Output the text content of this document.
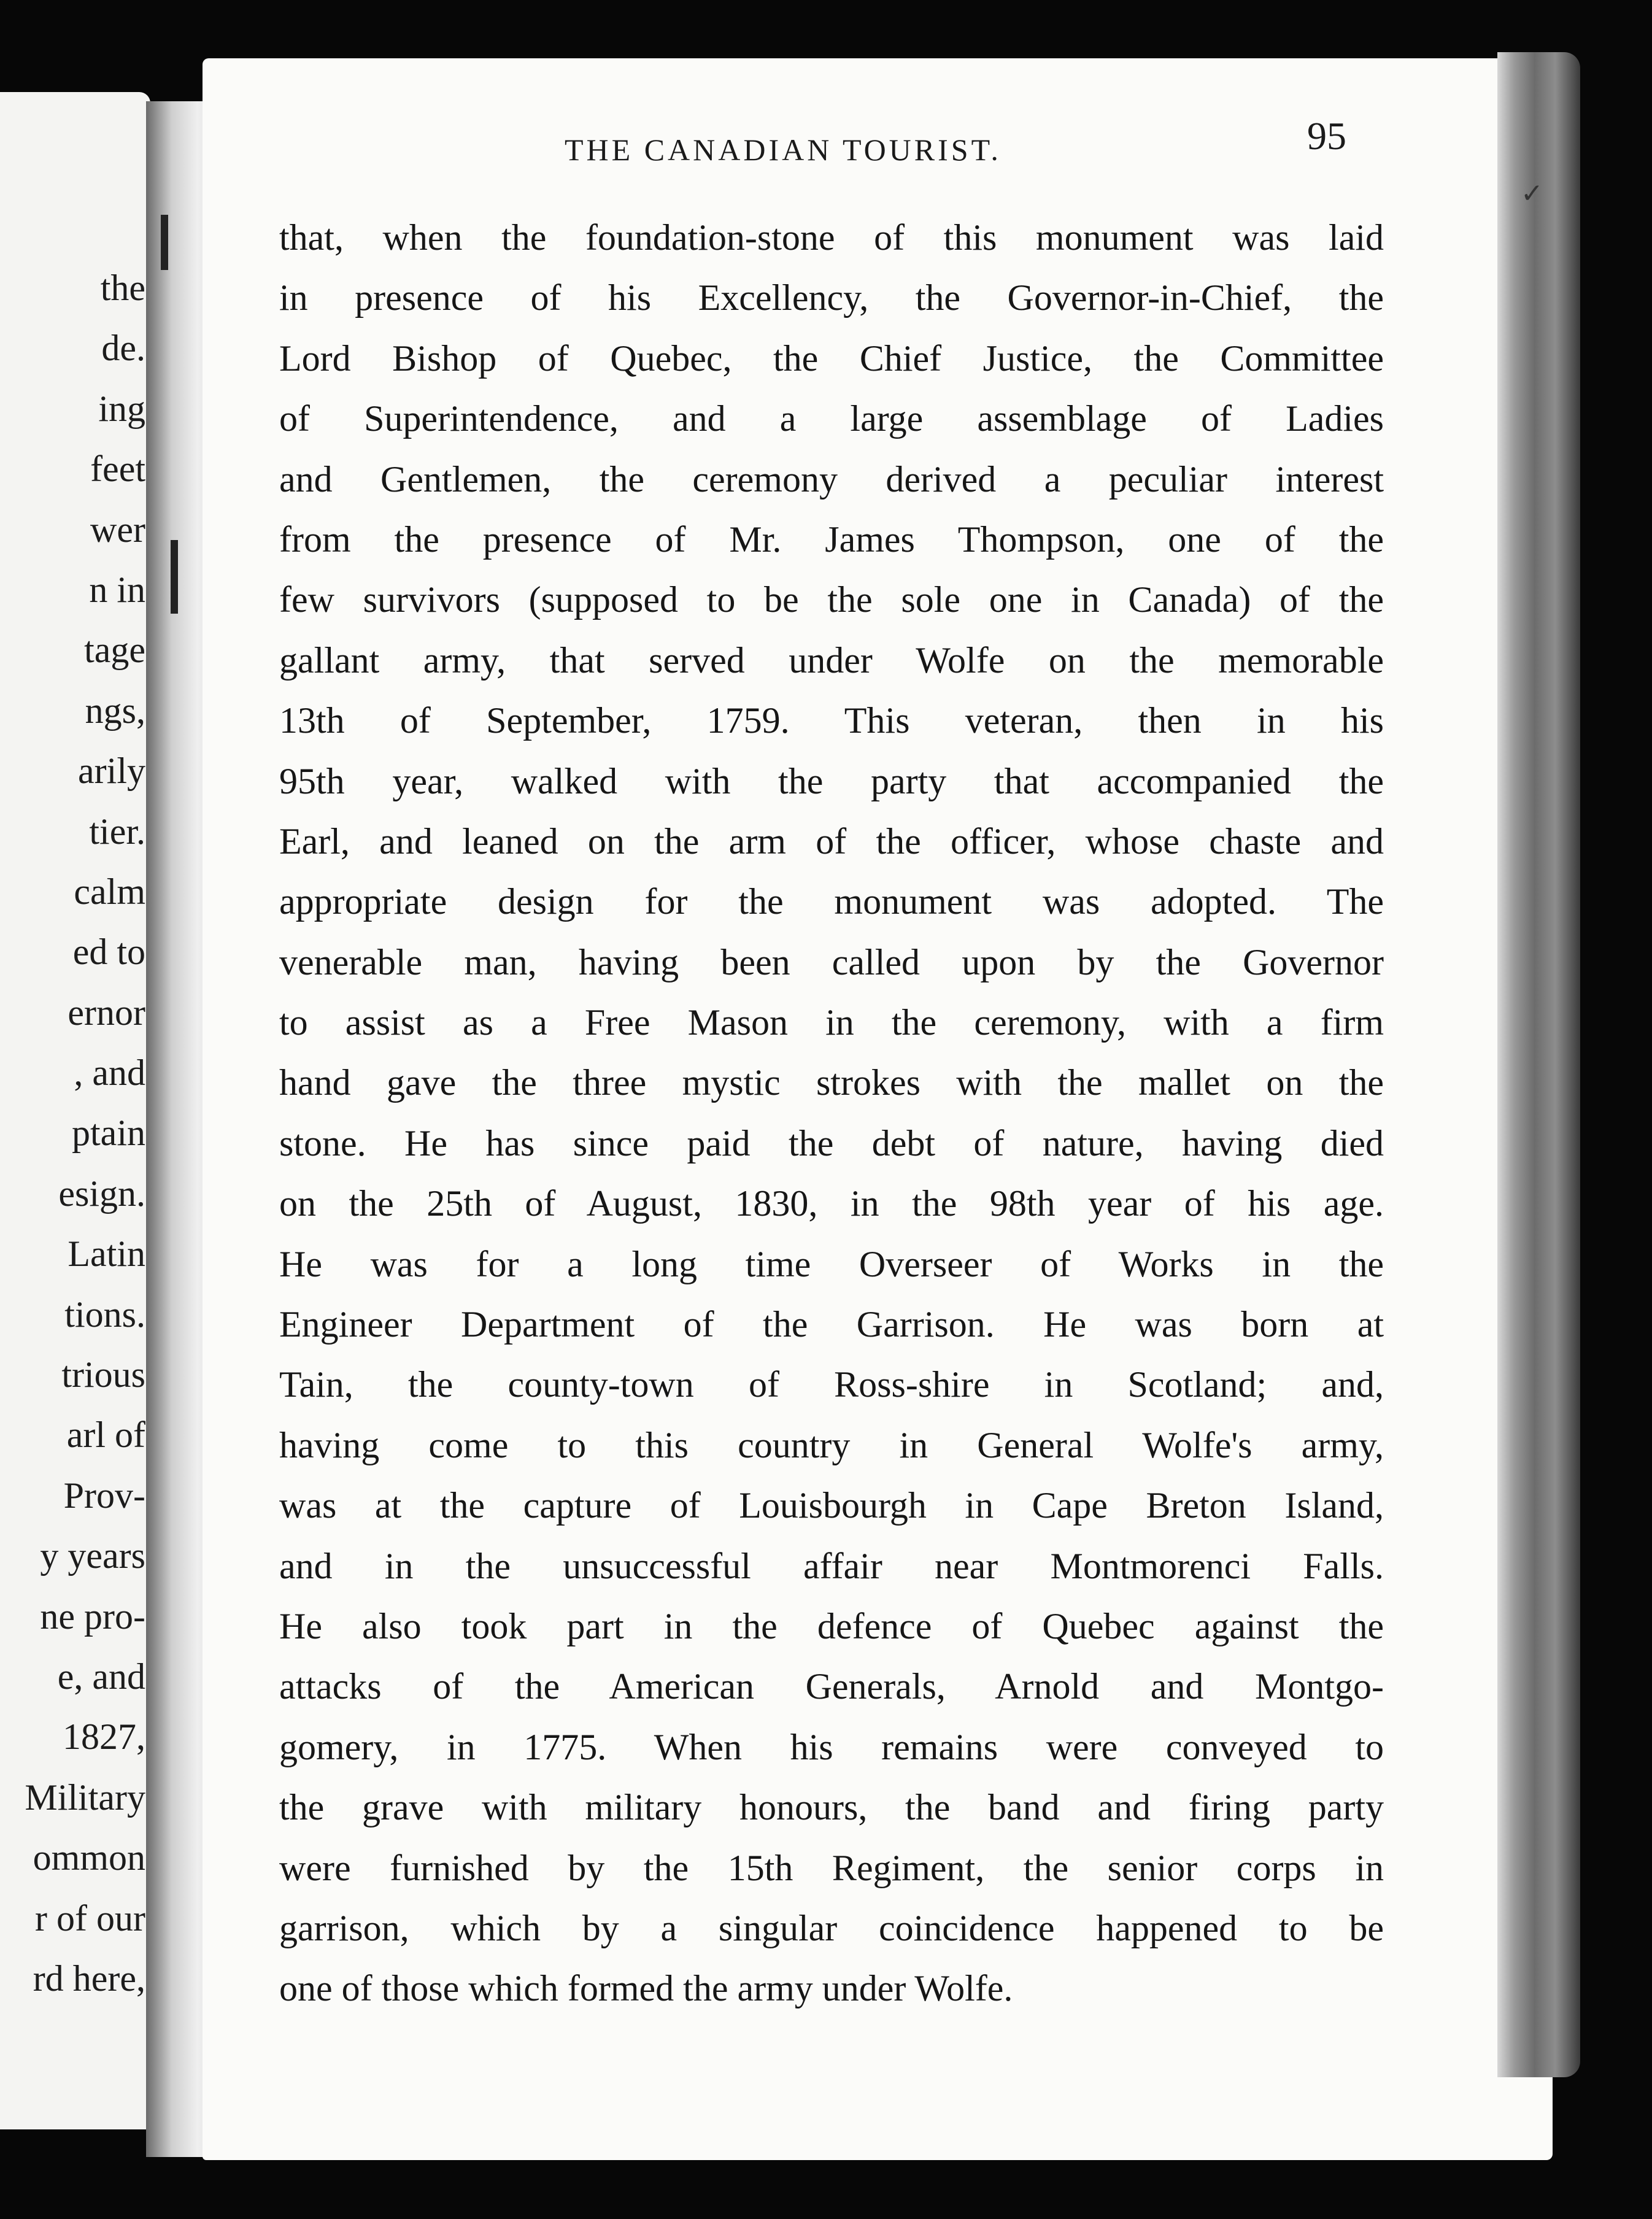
the
de.
ing
feet
wer
n in
tage
ngs,
arily
tier.
calm
ed to
ernor
, and
ptain
esign.
Latin
tions.
trious
arl of
Prov-
y years
ne pro-
e, and
1827,
Military
ommon
r of our
rd here,
THE CANADIAN TOURIST.	95
that, when the foundation-stone of this monument was laid
in presence of his Excellency, the Governor-in-Chief, the
Lord Bishop of Quebec, the Chief Justice, the Committee
of Superintendence, and a large assemblage of Ladies
and Gentlemen, the ceremony derived a peculiar interest
from the presence of Mr. James Thompson, one of the
few survivors (supposed to be the sole one in Canada) of the
gallant army, that served under Wolfe on the memorable
13th of September, 1759. This veteran, then in his
95th year, walked with the party that accompanied the
Earl, and leaned on the arm of the officer, whose chaste and
appropriate design for the monument was adopted. The
venerable man, having been called upon by the Governor
to assist as a Free Mason in the ceremony, with a firm
hand gave the three mystic strokes with the mallet on the
stone. He has since paid the debt of nature, having died
on the 25th of August, 1830, in the 98th year of his age.
He was for a long time Overseer of Works in the
Engineer Department of the Garrison. He was born at
Tain, the county-town of Ross-shire in Scotland; and,
having come to this country in General Wolfe's army,
was at the capture of Louisbourgh in Cape Breton Island,
and in the unsuccessful affair near Montmorenci Falls.
He also took part in the defence of Quebec against the
attacks of the American Generals, Arnold and Montgo-
gomery, in 1775. When his remains were conveyed to
the grave with military honours, the band and firing party
were furnished by the 15th Regiment, the senior corps in
garrison, which by a singular coincidence happened to be
one of those which formed the army under Wolfe.
✓
